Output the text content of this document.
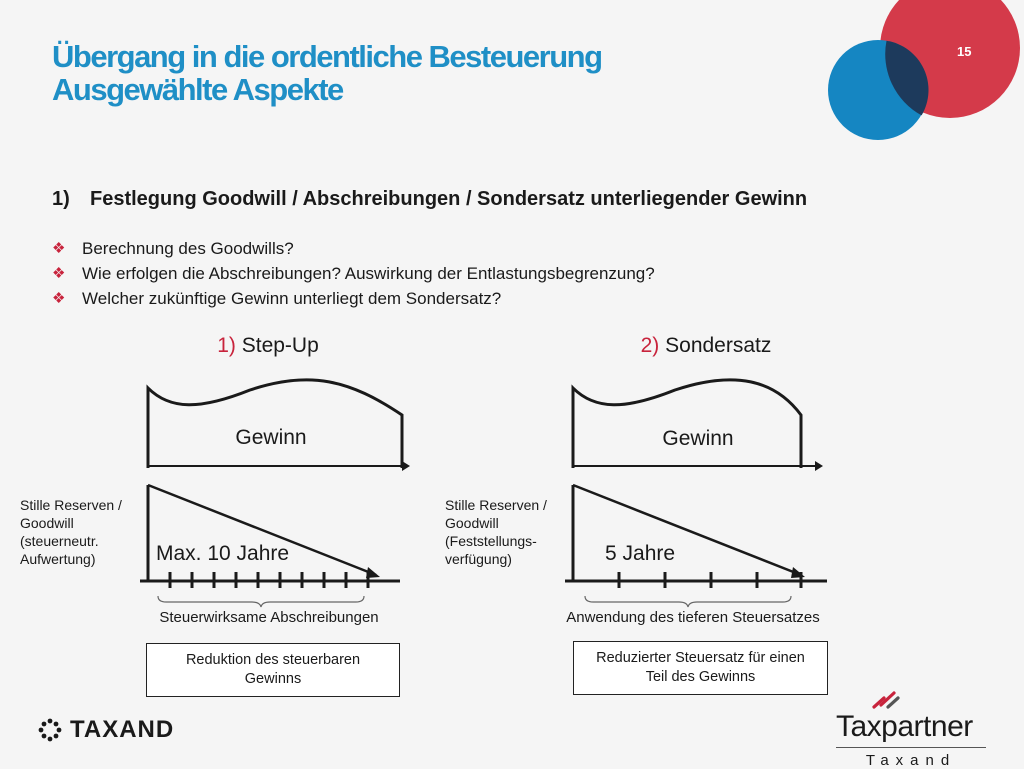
15
Übergang in die ordentliche Besteuerung
Ausgewählte Aspekte
1) Festlegung Goodwill / Abschreibungen / Sondersatz unterliegender Gewinn
❖ Berechnung des Goodwills?
❖ Wie erfolgen die Abschreibungen? Auswirkung der Entlastungsbegrenzung?
❖ Welcher zukünftige Gewinn unterliegt dem Sondersatz?
1) Step-Up
Gewinn
Stille Reserven /
Goodwill
(steuerneutr.
Aufwertung)	Max. 10 Jahre
Steuerwirksame Abschreibungen
Reduktion des steuerbaren
Gewinns
2) Sondersatz
Gewinn
Stille Reserven /
Goodwill
(Feststellungs-
verfügung)	5 Jahre
Anwendung des tieferen Steuersatzes
Reduzierter Steuersatz für einen
Teil des Gewinns
TAXAND	Taxpartner
Taxand
